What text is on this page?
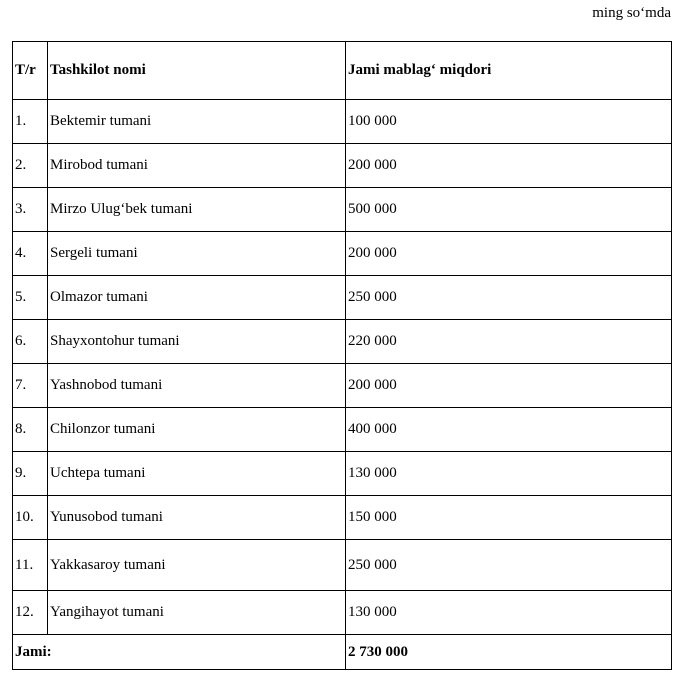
ming so‘mda
T/r	Tashkilot nomi	Jami mablag‘ miqdori
1.	Bektemir tumani	100 000
2.	Mirobod tumani	200 000
3.	Mirzo Ulug‘bek tumani	500 000
4.	Sergeli tumani	200 000
5.	Olmazor tumani	250 000
6.	Shayxontohur tumani	220 000
7.	Yashnobod tumani	200 000
8.	Chilonzor tumani	400 000
9.	Uchtepa tumani	130 000
10.	Yunusobod tumani	150 000
11.	Yakkasaroy tumani	250 000
12.	Yangihayot tumani	130 000
Jami:		2 730 000
